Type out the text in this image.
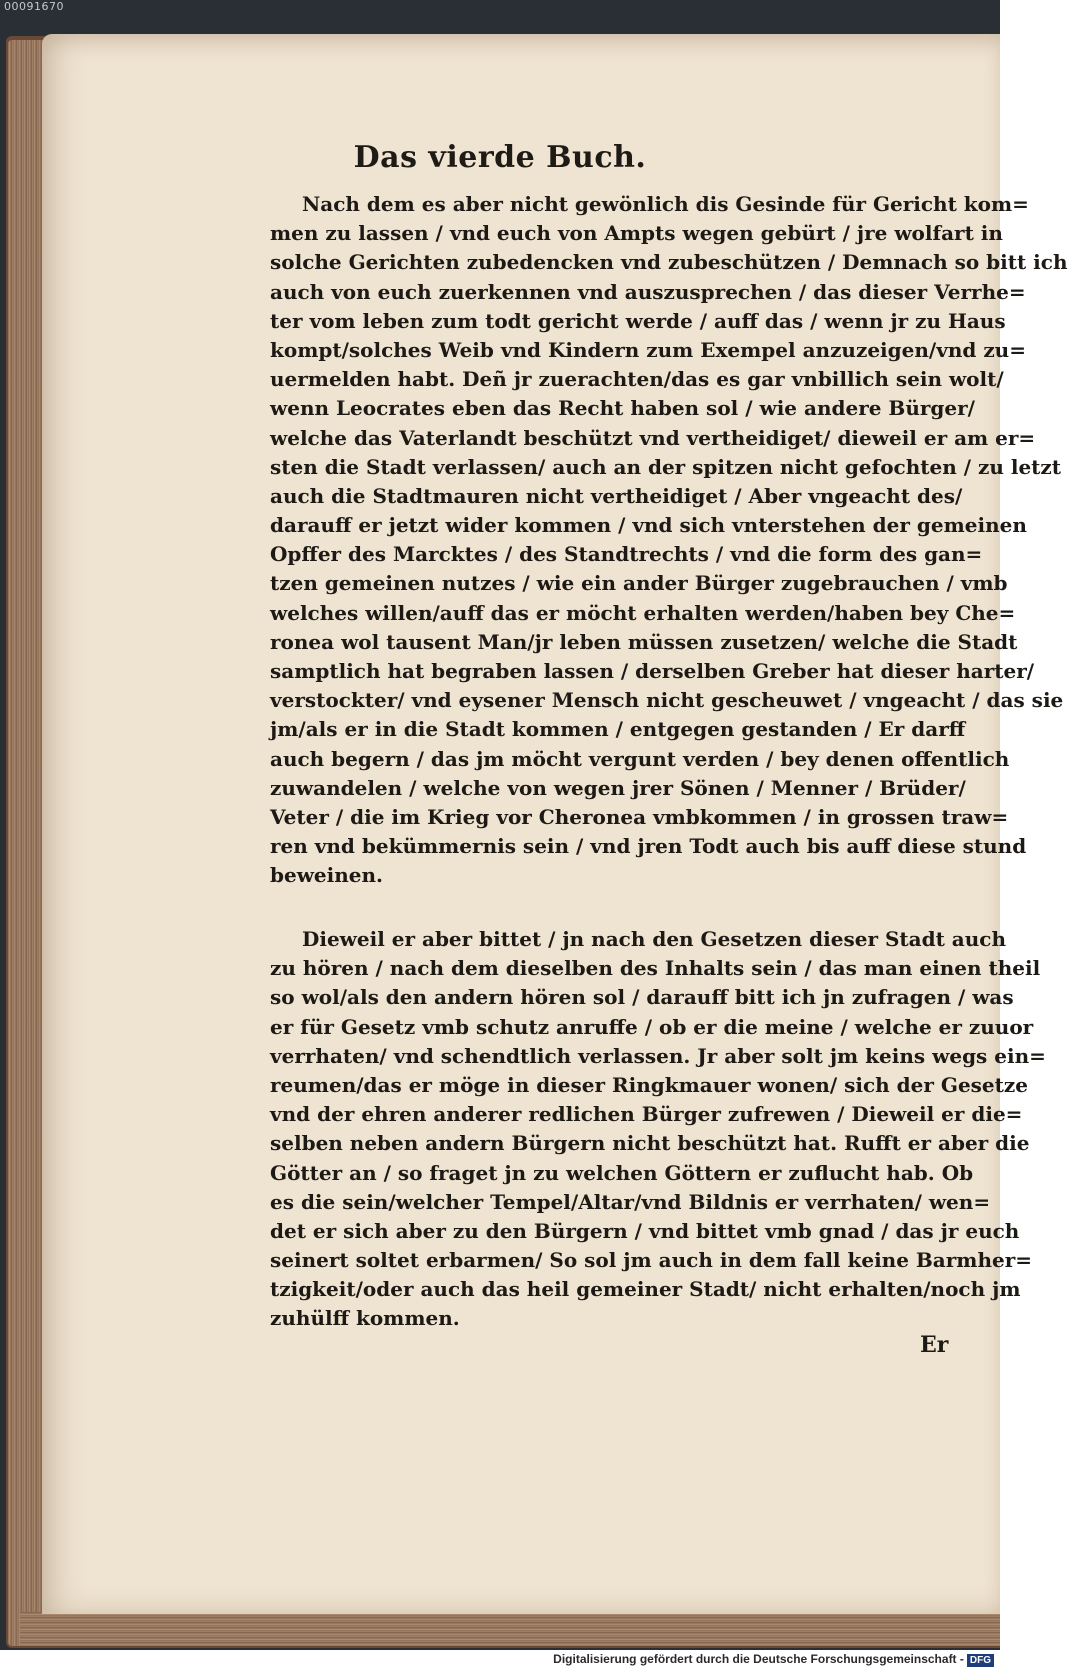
00091670
Das vierde Buch.
Nach dem es aber nicht gewönlich dis Gesinde für Gericht kom=
men zu lassen / vnd euch von Ampts wegen gebürt / jre wolfart in
solche Gerichten zubedencken vnd zubeschützen / Demnach so bitt ich
auch von euch zuerkennen vnd auszusprechen / das dieser Verrhe=
ter vom leben zum todt gericht werde / auff das / wenn jr zu Haus
kompt/solches Weib vnd Kindern zum Exempel anzuzeigen/vnd zu=
uermelden habt. Deñ jr zuerachten/das es gar vnbillich sein wolt/
wenn Leocrates eben das Recht haben sol / wie andere Bürger/
welche das Vaterlandt beschützt vnd vertheidiget/ dieweil er am er=
sten die Stadt verlassen/ auch an der spitzen nicht gefochten / zu letzt
auch die Stadtmauren nicht vertheidiget / Aber vngeacht des/
darauff er jetzt wider kommen / vnd sich vnterstehen der gemeinen
Opffer des Marcktes / des Standtrechts / vnd die form des gan=
tzen gemeinen nutzes / wie ein ander Bürger zugebrauchen / vmb
welches willen/auff das er möcht erhalten werden/haben bey Che=
ronea wol tausent Man/jr leben müssen zusetzen/ welche die Stadt
samptlich hat begraben lassen / derselben Greber hat dieser harter/
verstockter/ vnd eysener Mensch nicht gescheuwet / vngeacht / das sie
jm/als er in die Stadt kommen / entgegen gestanden / Er darff
auch begern / das jm möcht vergunt verden / bey denen offentlich
zuwandelen / welche von wegen jrer Sönen / Menner / Brüder/
Veter / die im Krieg vor Cheronea vmbkommen / in grossen traw=
ren vnd bekümmernis sein / vnd jren Todt auch bis auff diese stund
beweinen.
Dieweil er aber bittet / jn nach den Gesetzen dieser Stadt auch
zu hören / nach dem dieselben des Inhalts sein / das man einen theil
so wol/als den andern hören sol / darauff bitt ich jn zufragen / was
er für Gesetz vmb schutz anruffe / ob er die meine / welche er zuuor
verrhaten/ vnd schendtlich verlassen. Jr aber solt jm keins wegs ein=
reumen/das er möge in dieser Ringkmauer wonen/ sich der Gesetze
vnd der ehren anderer redlichen Bürger zufrewen / Dieweil er die=
selben neben andern Bürgern nicht beschützt hat. Rufft er aber die
Götter an / so fraget jn zu welchen Göttern er zuflucht hab. Ob
es die sein/welcher Tempel/Altar/vnd Bildnis er verrhaten/ wen=
det er sich aber zu den Bürgern / vnd bittet vmb gnad / das jr euch
seinert soltet erbarmen/ So sol jm auch in dem fall keine Barmher=
tzigkeit/oder auch das heil gemeiner Stadt/ nicht erhalten/noch jm
zuhülff kommen.
Er
Digitalisierung gefördert durch die Deutsche Forschungsgemeinschaft - DFG
